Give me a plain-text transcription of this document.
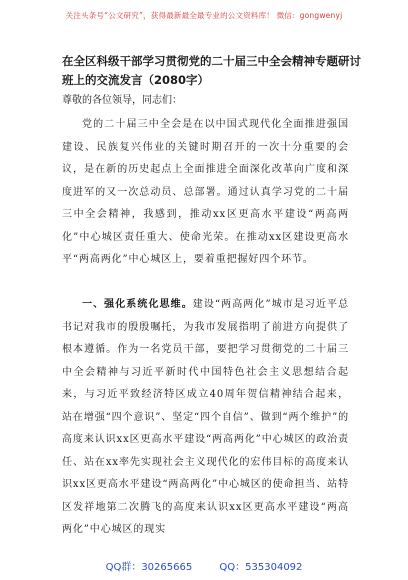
关注头条号“公文研究”，获得最新最全最专业的公文资料库！ 微信：gongwenyj
在全区科级干部学习贯彻党的二十届三中全会精神专题研讨班上的交流发言（2080字）

尊敬的各位领导，同志们：

党的二十届三中全会是在以中国式现代化全面推进强国建设、民族复兴伟业的关键时期召开的一次十分重要的会议，是在新的历史起点上全面推进全面深化改革向广度和深度进军的又一次总动员、总部署。通过认真学习党的二十届三中全会精神，我感到，推动xx区更高水平建设“两高两化”中心城区责任重大、使命光荣。在推动xx区建设更高水平“两高两化”中心城区上，要着重把握好四个环节。

一、强化系统化思维。建设“两高两化”城市是习近平总书记对我市的殷殷嘱托，为我市发展指明了前进方向提供了根本遵循。作为一名党员干部，要把学习贯彻党的二十届三中全会精神与习近平新时代中国特色社会主义思想结合起来，与习近平致经济特区成立40周年贺信精神结合起来，站在增强“四个意识”、坚定“四个自信”、做到“两个维护”的高度来认识xx区更高水平建设“两高两化”中心城区的政治责任、站在xx率先实现社会主义现代化的宏伟目标的高度来认识xx区更高水平建设“两高两化”中心城区的使命担当、站特区发祥地第二次腾飞的高度来认识xx区更高水平建设“两高两化”中心城区的现实

QQ群：30265665	QQ：535304092
